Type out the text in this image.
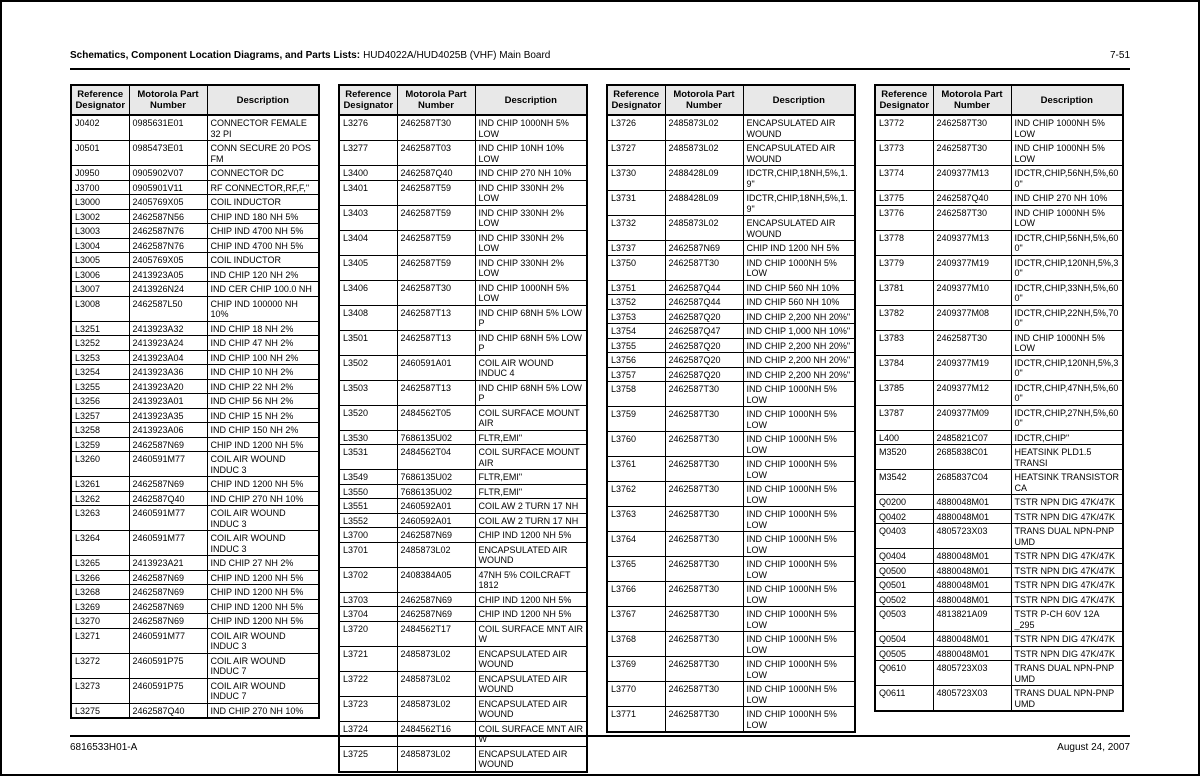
Schematics, Component Location Diagrams, and Parts Lists: HUD4022A/HUD4025B (VHF) Main Board	7-51
Reference Designator	Motorola Part Number	Description
J0402	0985631E01	CONNECTOR FEMALE 32 PI
J0501	0985473E01	CONN SECURE 20 POS FM
J0950	0905902V07	CONNECTOR DC
J3700	0905901V11	RF CONNECTOR,RF,F,"
L3000	2405769X05	COIL INDUCTOR
L3002	2462587N56	CHIP IND 180 NH 5%
L3003	2462587N76	CHIP IND 4700 NH 5%
L3004	2462587N76	CHIP IND 4700 NH 5%
L3005	2405769X05	COIL INDUCTOR
L3006	2413923A05	IND CHIP 120 NH 2%
L3007	2413926N24	IND CER CHIP 100.0 NH
L3008	2462587L50	CHIP IND 100000 NH 10%
L3251	2413923A32	IND CHIP 18 NH 2%
L3252	2413923A24	IND CHIP 47 NH 2%
L3253	2413923A04	IND CHIP 100 NH 2%
L3254	2413923A36	IND CHIP 10 NH 2%
L3255	2413923A20	IND CHIP 22 NH 2%
L3256	2413923A01	IND CHIP 56 NH 2%
L3257	2413923A35	IND CHIP 15 NH 2%
L3258	2413923A06	IND CHIP 150 NH 2%
L3259	2462587N69	CHIP IND 1200 NH 5%
L3260	2460591M77	COIL AIR WOUND INDUC 3
L3261	2462587N69	CHIP IND 1200 NH 5%
L3262	2462587Q40	IND CHIP 270 NH 10%
L3263	2460591M77	COIL AIR WOUND INDUC 3
L3264	2460591M77	COIL AIR WOUND INDUC 3
L3265	2413923A21	IND CHIP 27 NH 2%
L3266	2462587N69	CHIP IND 1200 NH 5%
L3268	2462587N69	CHIP IND 1200 NH 5%
L3269	2462587N69	CHIP IND 1200 NH 5%
L3270	2462587N69	CHIP IND 1200 NH 5%
L3271	2460591M77	COIL AIR WOUND INDUC 3
L3272	2460591P75	COIL AIR WOUND INDUC 7
L3273	2460591P75	COIL AIR WOUND INDUC 7
L3275	2462587Q40	IND CHIP 270 NH 10%
Reference Designator	Motorola Part Number	Description
L3276	2462587T30	IND CHIP 1000NH 5% LOW
L3277	2462587T03	IND CHIP 10NH 10% LOW
L3400	2462587Q40	IND CHIP 270 NH 10%
L3401	2462587T59	IND CHIP 330NH 2% LOW
L3403	2462587T59	IND CHIP 330NH 2% LOW
L3404	2462587T59	IND CHIP 330NH 2% LOW
L3405	2462587T59	IND CHIP 330NH 2% LOW
L3406	2462587T30	IND CHIP 1000NH 5% LOW
L3408	2462587T13	IND CHIP 68NH 5% LOW P
L3501	2462587T13	IND CHIP 68NH 5% LOW P
L3502	2460591A01	COIL AIR WOUND INDUC 4
L3503	2462587T13	IND CHIP 68NH 5% LOW P
L3520	2484562T05	COIL SURFACE MOUNT AIR
L3530	7686135U02	FLTR,EMI"
L3531	2484562T04	COIL SURFACE MOUNT AIR
L3549	7686135U02	FLTR,EMI"
L3550	7686135U02	FLTR,EMI"
L3551	2460592A01	COIL AW 2 TURN 17 NH
L3552	2460592A01	COIL AW 2 TURN 17 NH
L3700	2462587N69	CHIP IND 1200 NH 5%
L3701	2485873L02	ENCAPSULATED AIR WOUND
L3702	2408384A05	47NH 5% COILCRAFT 1812
L3703	2462587N69	CHIP IND 1200 NH 5%
L3704	2462587N69	CHIP IND 1200 NH 5%
L3720	2484562T17	COIL SURFACE MNT AIR W
L3721	2485873L02	ENCAPSULATED AIR WOUND
L3722	2485873L02	ENCAPSULATED AIR WOUND
L3723	2485873L02	ENCAPSULATED AIR WOUND
L3724	2484562T16	COIL SURFACE MNT AIR W
L3725	2485873L02	ENCAPSULATED AIR WOUND
Reference Designator	Motorola Part Number	Description
L3726	2485873L02	ENCAPSULATED AIR WOUND
L3727	2485873L02	ENCAPSULATED AIR WOUND
L3730	2488428L09	IDCTR,CHIP,18NH,5%,1.9"
L3731	2488428L09	IDCTR,CHIP,18NH,5%,1.9"
L3732	2485873L02	ENCAPSULATED AIR WOUND
L3737	2462587N69	CHIP IND 1200 NH 5%
L3750	2462587T30	IND CHIP 1000NH 5% LOW
L3751	2462587Q44	IND CHIP 560 NH 10%
L3752	2462587Q44	IND CHIP 560 NH 10%
L3753	2462587Q20	IND CHIP 2,200 NH 20%"
L3754	2462587Q47	IND CHIP 1,000 NH 10%"
L3755	2462587Q20	IND CHIP 2,200 NH 20%"
L3756	2462587Q20	IND CHIP 2,200 NH 20%"
L3757	2462587Q20	IND CHIP 2,200 NH 20%"
L3758	2462587T30	IND CHIP 1000NH 5% LOW
L3759	2462587T30	IND CHIP 1000NH 5% LOW
L3760	2462587T30	IND CHIP 1000NH 5% LOW
L3761	2462587T30	IND CHIP 1000NH 5% LOW
L3762	2462587T30	IND CHIP 1000NH 5% LOW
L3763	2462587T30	IND CHIP 1000NH 5% LOW
L3764	2462587T30	IND CHIP 1000NH 5% LOW
L3765	2462587T30	IND CHIP 1000NH 5% LOW
L3766	2462587T30	IND CHIP 1000NH 5% LOW
L3767	2462587T30	IND CHIP 1000NH 5% LOW
L3768	2462587T30	IND CHIP 1000NH 5% LOW
L3769	2462587T30	IND CHIP 1000NH 5% LOW
L3770	2462587T30	IND CHIP 1000NH 5% LOW
L3771	2462587T30	IND CHIP 1000NH 5% LOW
Reference Designator	Motorola Part Number	Description
L3772	2462587T30	IND CHIP 1000NH 5% LOW
L3773	2462587T30	IND CHIP 1000NH 5% LOW
L3774	2409377M13	IDCTR,CHIP,56NH,5%,600"
L3775	2462587Q40	IND CHIP 270 NH 10%
L3776	2462587T30	IND CHIP 1000NH 5% LOW
L3778	2409377M13	IDCTR,CHIP,56NH,5%,600"
L3779	2409377M19	IDCTR,CHIP,120NH,5%,30"
L3781	2409377M10	IDCTR,CHIP,33NH,5%,600"
L3782	2409377M08	IDCTR,CHIP,22NH,5%,700"
L3783	2462587T30	IND CHIP 1000NH 5% LOW
L3784	2409377M19	IDCTR,CHIP,120NH,5%,30"
L3785	2409377M12	IDCTR,CHIP,47NH,5%,600"
L3787	2409377M09	IDCTR,CHIP,27NH,5%,600"
L400	2485821C07	IDCTR,CHIP"
M3520	2685838C01	HEATSINK PLD1.5 TRANSI
M3542	2685837C04	HEATSINK TRANSISTOR CA
Q0200	4880048M01	TSTR NPN DIG 47K/47K
Q0402	4880048M01	TSTR NPN DIG 47K/47K
Q0403	4805723X03	TRANS DUAL NPN-PNP UMD
Q0404	4880048M01	TSTR NPN DIG 47K/47K
Q0500	4880048M01	TSTR NPN DIG 47K/47K
Q0501	4880048M01	TSTR NPN DIG 47K/47K
Q0502	4880048M01	TSTR NPN DIG 47K/47K
Q0503	4813821A09	TSTR P-CH 60V 12A _295
Q0504	4880048M01	TSTR NPN DIG 47K/47K
Q0505	4880048M01	TSTR NPN DIG 47K/47K
Q0610	4805723X03	TRANS DUAL NPN-PNP UMD
Q0611	4805723X03	TRANS DUAL NPN-PNP UMD
6816533H01-A	August 24, 2007
